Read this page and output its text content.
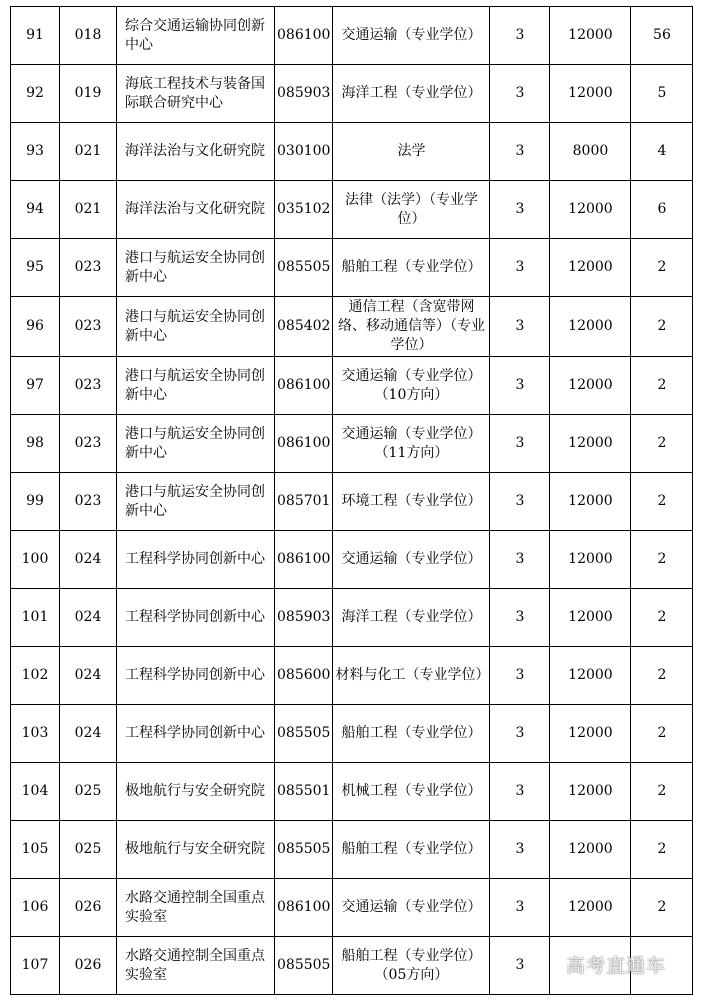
91	018	综合交通运输协同创新中心	086100	交通运输（专业学位）	3	12000	56
92	019	海底工程技术与装备国际联合研究中心	085903	海洋工程（专业学位）	3	12000	5
93	021	海洋法治与文化研究院	030100	法学	3	8000	4
94	021	海洋法治与文化研究院	035102	法律（法学）（专业学位）	3	12000	6
95	023	港口与航运安全协同创新中心	085505	船舶工程（专业学位）	3	12000	2
96	023	港口与航运安全协同创新中心	085402	通信工程（含宽带网络、移动通信等）（专业学位）	3	12000	2
97	023	港口与航运安全协同创新中心	086100	交通运输（专业学位）（10方向）	3	12000	2
98	023	港口与航运安全协同创新中心	086100	交通运输（专业学位）（11方向）	3	12000	2
99	023	港口与航运安全协同创新中心	085701	环境工程（专业学位）	3	12000	2
100	024	工程科学协同创新中心	086100	交通运输（专业学位）	3	12000	2
101	024	工程科学协同创新中心	085903	海洋工程（专业学位）	3	12000	2
102	024	工程科学协同创新中心	085600	材料与化工（专业学位）	3	12000	2
103	024	工程科学协同创新中心	085505	船舶工程（专业学位）	3	12000	2
104	025	极地航行与安全研究院	085501	机械工程（专业学位）	3	12000	2
105	025	极地航行与安全研究院	085505	船舶工程（专业学位）	3	12000	2
106	026	水路交通控制全国重点实验室	086100	交通运输（专业学位）	3	12000	2
107	026	水路交通控制全国重点实验室	085505	船舶工程（专业学位）（05方向）	3		高考直通车
